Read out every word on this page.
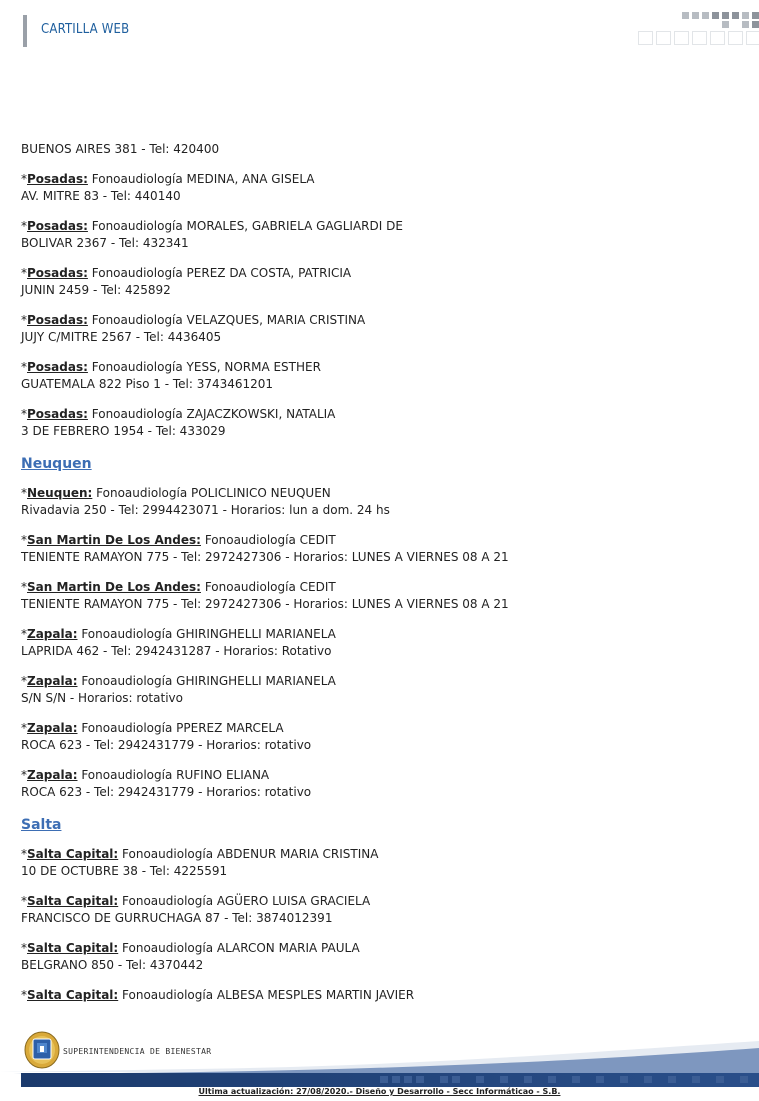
CARTILLA WEB
BUENOS AIRES 381 - Tel: 420400
*Posadas: Fonoaudiología MEDINA, ANA GISELA
AV. MITRE 83 - Tel: 440140
*Posadas: Fonoaudiología MORALES, GABRIELA GAGLIARDI DE
BOLIVAR 2367 - Tel: 432341
*Posadas: Fonoaudiología PEREZ DA COSTA, PATRICIA
JUNIN 2459 - Tel: 425892
*Posadas: Fonoaudiología VELAZQUES, MARIA CRISTINA
JUJY C/MITRE 2567 - Tel: 4436405
*Posadas: Fonoaudiología YESS, NORMA ESTHER
GUATEMALA 822 Piso 1 - Tel: 3743461201
*Posadas: Fonoaudiología ZAJACZKOWSKI, NATALIA
3 DE FEBRERO 1954 - Tel: 433029
Neuquen
*Neuquen: Fonoaudiología POLICLINICO NEUQUEN
Rivadavia 250 - Tel: 2994423071 - Horarios: lun a dom. 24 hs
*San Martin De Los Andes: Fonoaudiología CEDIT
TENIENTE RAMAYON 775 - Tel: 2972427306 - Horarios: LUNES A VIERNES 08 A 21
*San Martin De Los Andes: Fonoaudiología CEDIT
TENIENTE RAMAYON 775 - Tel: 2972427306 - Horarios: LUNES A VIERNES 08 A 21
*Zapala: Fonoaudiología GHIRINGHELLI MARIANELA
LAPRIDA 462 - Tel: 2942431287 - Horarios: Rotativo
*Zapala: Fonoaudiología GHIRINGHELLI MARIANELA
S/N S/N - Horarios: rotativo
*Zapala: Fonoaudiología PPEREZ MARCELA
ROCA 623 - Tel: 2942431779 - Horarios: rotativo
*Zapala: Fonoaudiología RUFINO ELIANA
ROCA 623 - Tel: 2942431779 - Horarios: rotativo
Salta
*Salta Capital: Fonoaudiología ABDENUR MARIA CRISTINA
10 DE OCTUBRE 38 - Tel: 4225591
*Salta Capital: Fonoaudiología AGÜERO LUISA GRACIELA
FRANCISCO DE GURRUCHAGA 87 - Tel: 3874012391
*Salta Capital: Fonoaudiología ALARCON MARIA PAULA
BELGRANO 850 - Tel: 4370442
*Salta Capital: Fonoaudiología ALBESA MESPLES MARTIN JAVIER
SUPERINTENDENCIA DE BIENESTAR
Ultima actualización: 27/08/2020.- Diseño y Desarrollo - Secc Informáticao - S.B.
